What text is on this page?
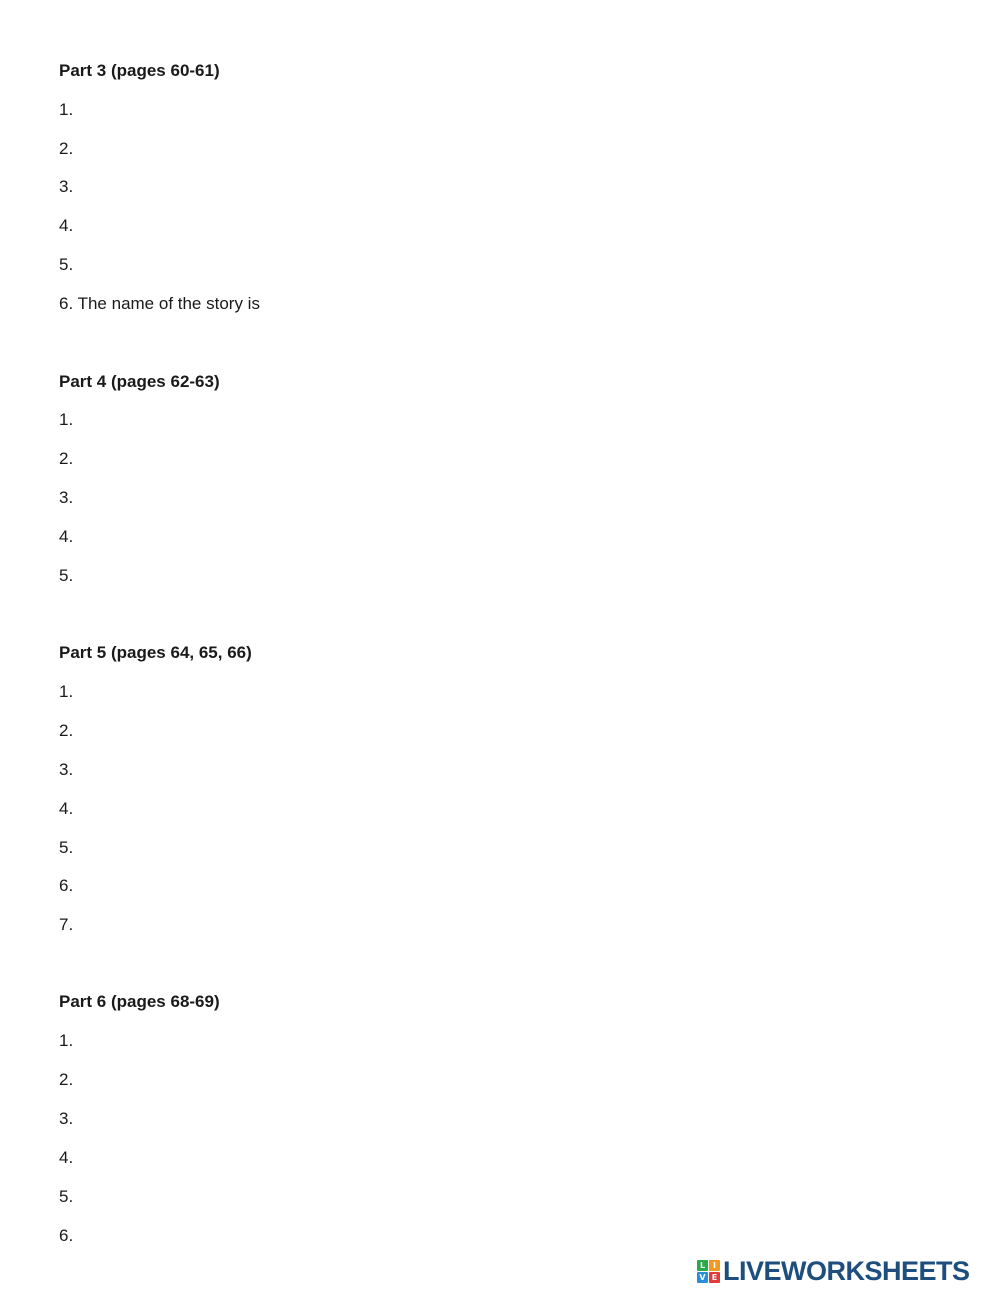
Part 3 (pages 60-61)
1.
2.
3.
4.
5.
6. The name of the story is
Part 4 (pages 62-63)
1.
2.
3.
4.
5.
Part 5 (pages 64, 65, 66)
1.
2.
3.
4.
5.
6.
7.
Part 6 (pages 68-69)
1.
2.
3.
4.
5.
6.
L I
V E LIVEWORKSHEETS
